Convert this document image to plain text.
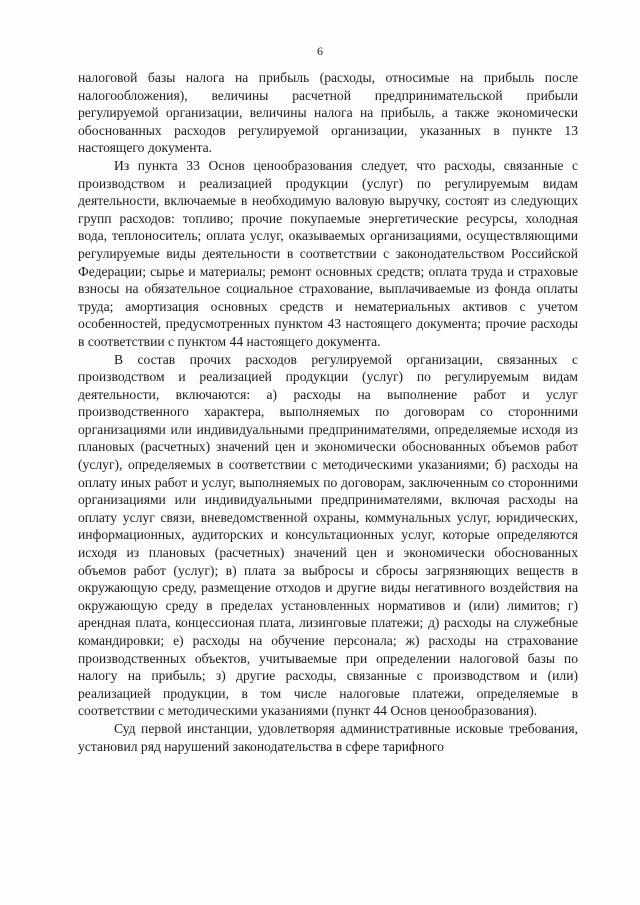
6

налоговой базы налога на прибыль (расходы, относимые на прибыль после налогообложения), величины расчетной предпринимательской прибыли регулируемой организации, величины налога на прибыль, а также экономически обоснованных расходов регулируемой организации, указанных в пункте 13 настоящего документа.

Из пункта 33 Основ ценообразования следует, что расходы, связанные с производством и реализацией продукции (услуг) по регулируемым видам деятельности, включаемые в необходимую валовую выручку, состоят из следующих групп расходов: топливо; прочие покупаемые энергетические ресурсы, холодная вода, теплоноситель; оплата услуг, оказываемых организациями, осуществляющими регулируемые виды деятельности в соответствии с законодательством Российской Федерации; сырье и материалы; ремонт основных средств; оплата труда и страховые взносы на обязательное социальное страхование, выплачиваемые из фонда оплаты труда; амортизация основных средств и нематериальных активов с учетом особенностей, предусмотренных пунктом 43 настоящего документа; прочие расходы в соответствии с пунктом 44 настоящего документа.

В состав прочих расходов регулируемой организации, связанных с производством и реализацией продукции (услуг) по регулируемым видам деятельности, включаются: а) расходы на выполнение работ и услуг производственного характера, выполняемых по договорам со сторонними организациями или индивидуальными предпринимателями, определяемые исходя из плановых (расчетных) значений цен и экономически обоснованных объемов работ (услуг), определяемых в соответствии с методическими указаниями; б) расходы на оплату иных работ и услуг, выполняемых по договорам, заключенным со сторонними организациями или индивидуальными предпринимателями, включая расходы на оплату услуг связи, вневедомственной охраны, коммунальных услуг, юридических, информационных, аудиторских и консультационных услуг, которые определяются исходя из плановых (расчетных) значений цен и экономически обоснованных объемов работ (услуг); в) плата за выбросы и сбросы загрязняющих веществ в окружающую среду, размещение отходов и другие виды негативного воздействия на окружающую среду в пределах установленных нормативов и (или) лимитов; г) арендная плата, концессионая плата, лизинговые платежи; д) расходы на служебные командировки; е) расходы на обучение персонала; ж) расходы на страхование производственных объектов, учитываемые при определении налоговой базы по налогу на прибыль; з) другие расходы, связанные с производством и (или) реализацией продукции, в том числе налоговые платежи, определяемые в соответствии с методическими указаниями (пункт 44 Основ ценообразования).

Суд первой инстанции, удовлетворяя административные исковые требования, установил ряд нарушений законодательства в сфере тарифного
